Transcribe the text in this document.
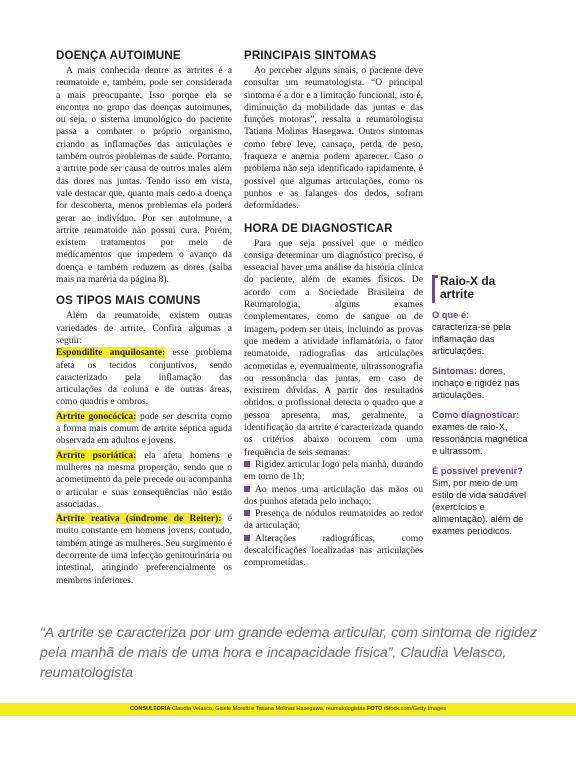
DOENÇA AUTOIMUNE

A mais conhecida dentre as artrites é a reumatoide e, também, pode ser considerada a mais preocupante. Isso porque ela se encontra no grupo das doenças autoimunes, ou seja, o sistema imunológico do paciente passa a combater o próprio organismo, criando as inflamações das articulações e também outros problemas de saúde. Portanto, a artrite pode ser causa de outros males além das dores nas juntas. Tendo isso em vista, vale destacar que, quanto mais cedo a doença for descoberta, menos problemas ela poderá gerar ao indivíduo. Por ser autoimune, a artrite reumatoide não possui cura. Porém, existem tratamentos por meio de medicamentos que impedem o avanço da doença e também reduzem as dores (saiba mais na matéria da página 8).

OS TIPOS MAIS COMUNS

Além da reumatoide, existem outras variedades de artrite. Confira algumas a seguir:

Espondilite anquilosante: esse problema afeta os tecidos conjuntivos, sendo caracterizado pela inflamação das articulações da coluna e de outras áreas, como quadris e ombros.

Artrite gonocócica: pode ser descrita como a forma mais comum de artrite séptica aguda observada em adultos e jovens.

Artrite psoriática: ela afeta homens e mulheres na mesma proporção, sendo que o acometimento da pele precede ou acompanha o articular e suas consequências não estão associadas.

Artrite reativa (síndrome de Reiter): é muito constante em homens jovens, contudo, também atinge as mulheres. Seu surgimento é decorrente de uma infecção genitourinária ou intestinal, atingindo preferencialmente os membros inferiores.

PRINCIPAIS SINTOMAS

Ao perceber alguns sinais, o paciente deve consultar um reumatologista. “O principal sintoma é a dor e a limitação funcional, isto é, diminuição da mobilidade das juntas e das funções motoras”, ressalta a reumatologista Tatiana Molinas Hasegawa. Outros sintomas como febre leve, cansaço, perda de peso, fraqueza e anemia podem aparecer. Caso o problema não seja identificado rapidamente, é possível que algumas articulações, como os punhos e as falanges dos dedos, sofram deformidades.

HORA DE DIAGNOSTICAR

Para que seja possível que o médico consiga determinar um diagnóstico preciso, é essencial haver uma análise da história clínica do paciente, além de exames físicos. De acordo com a Sociedade Brasileira de Reumatologia, alguns exames complementares, como de sangue ou de imagem, podem ser úteis, incluindo as provas que medem a atividade inflamatória, o fator reumatoide, radiografias das articulações acometidas e, eventualmente, ultrassonografia ou ressonância das juntas, em caso de existirem dúvidas. A partir dos resultados obtidos, o profissional detecta o quadro que a pessoa apresenta, mas, geralmente, a identificação da artrite é caracterizada quando os critérios abaixo ocorrem com uma frequência de seis semanas:

Rigidez articular logo pela manhã, durando em torno de 1h;
Ao menos uma articulação das mãos ou dos punhos afetada pelo inchaço;
Presença de nódulos reumatoides ao redor da articulação;
Alterações radiográficas, como descalcificações localizadas nas articulações comprometidas.
Raio-X da artrite
O que é:
caracteriza-se pela inflamação das articulações.
Sintomas: dores, inchaço e rigidez nas articulações.
Como diagnosticar:
exames de raio-X, ressonância magnética e ultrassom.
É possível prevenir?
Sim, por meio de um estilo de vida saudável (exercícios e alimentação), além de exames periódicos.
“A artrite se caracteriza por um grande edema articular, com sintoma de rigidez pela manhã de mais de uma hora e incapacidade física”, Claudia Velasco, reumatologista
CONSULTORIA Claudia Velasco, Gisele Moretti e Tatiana Molinas Hasegawa, reumatologistas FOTO iStock.com/Getty Images
